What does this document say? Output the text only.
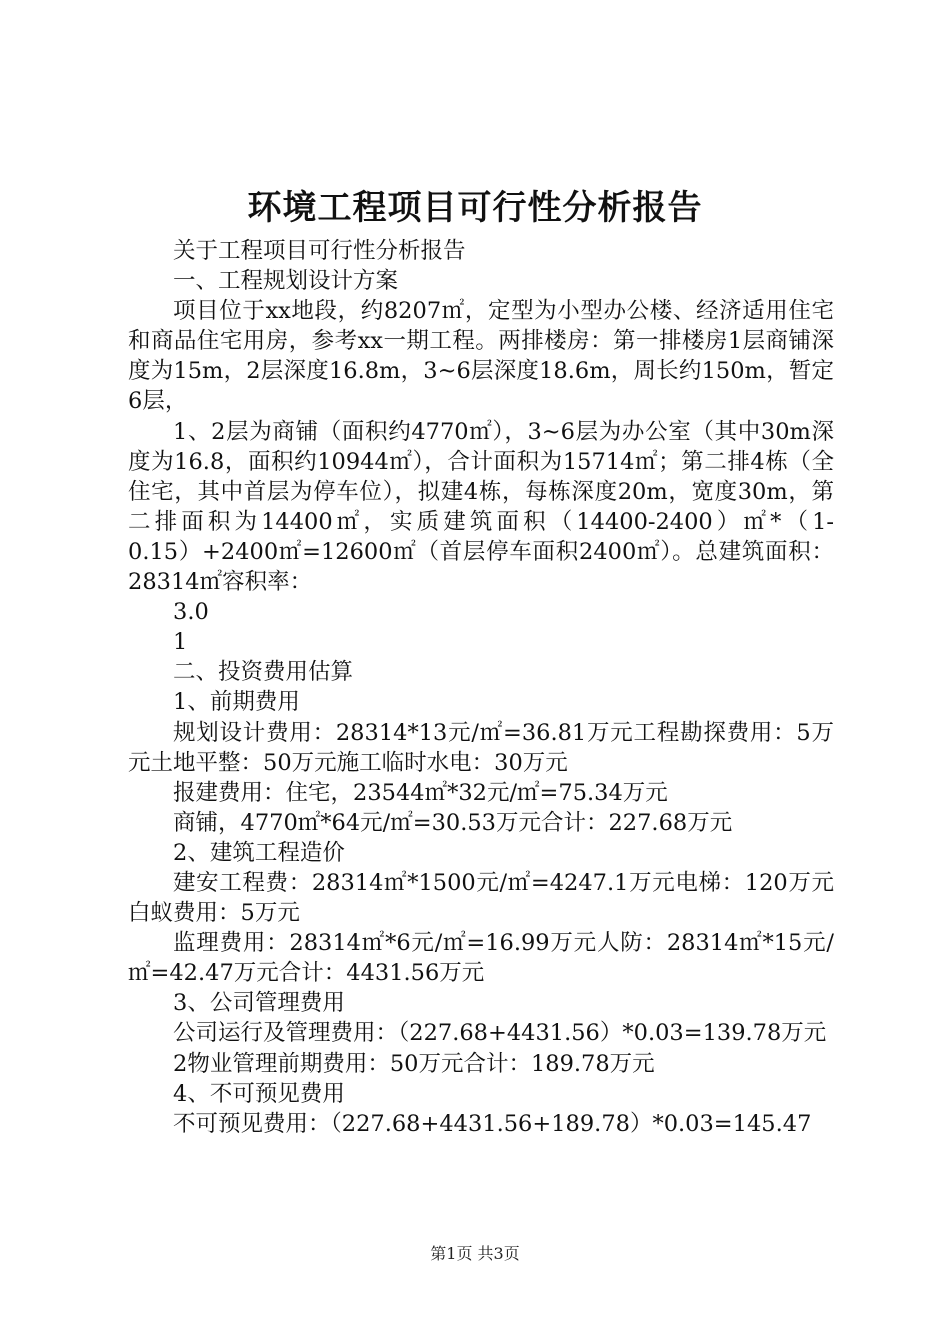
环境工程项目可行性分析报告

关于工程项目可行性分析报告

一、工程规划设计方案

项目位于xx地段，约8207㎡，定型为小型办公楼、经济适用住宅和商品住宅用房，参考xx一期工程。两排楼房：第一排楼房1层商铺深度为15m，2层深度16.8m，3~6层深度18.6m，周长约150m，暂定6层，

1、2层为商铺（面积约4770㎡），3~6层为办公室（其中30m深度为16.8，面积约10944㎡），合计面积为15714㎡；第二排4栋（全住宅，其中首层为停车位），拟建4栋，每栋深度20m，宽度30m，第二排面积为14400㎡，实质建筑面积（14400-2400）㎡*（1-0.15）+2400㎡=12600㎡（首层停车面积2400㎡）。总建筑面积：28314㎡容积率：

3.0

1

二、投资费用估算

1、前期费用

规划设计费用：28314*13元/㎡=36.81万元工程勘探费用：5万元土地平整：50万元施工临时水电：30万元

报建费用：住宅，23544㎡*32元/㎡=75.34万元

商铺，4770㎡*64元/㎡=30.53万元合计：227.68万元

2、建筑工程造价

建安工程费：28314㎡*1500元/㎡=4247.1万元电梯：120万元白蚁费用：5万元

监理费用：28314㎡*6元/㎡=16.99万元人防：28314㎡*15元/㎡=42.47万元合计：4431.56万元

3、公司管理费用

公司运行及管理费用：（227.68+4431.56）*0.03=139.78万元

2物业管理前期费用：50万元合计：189.78万元

4、不可预见费用

不可预见费用：（227.68+4431.56+189.78）*0.03=145.47

第1页 共3页
